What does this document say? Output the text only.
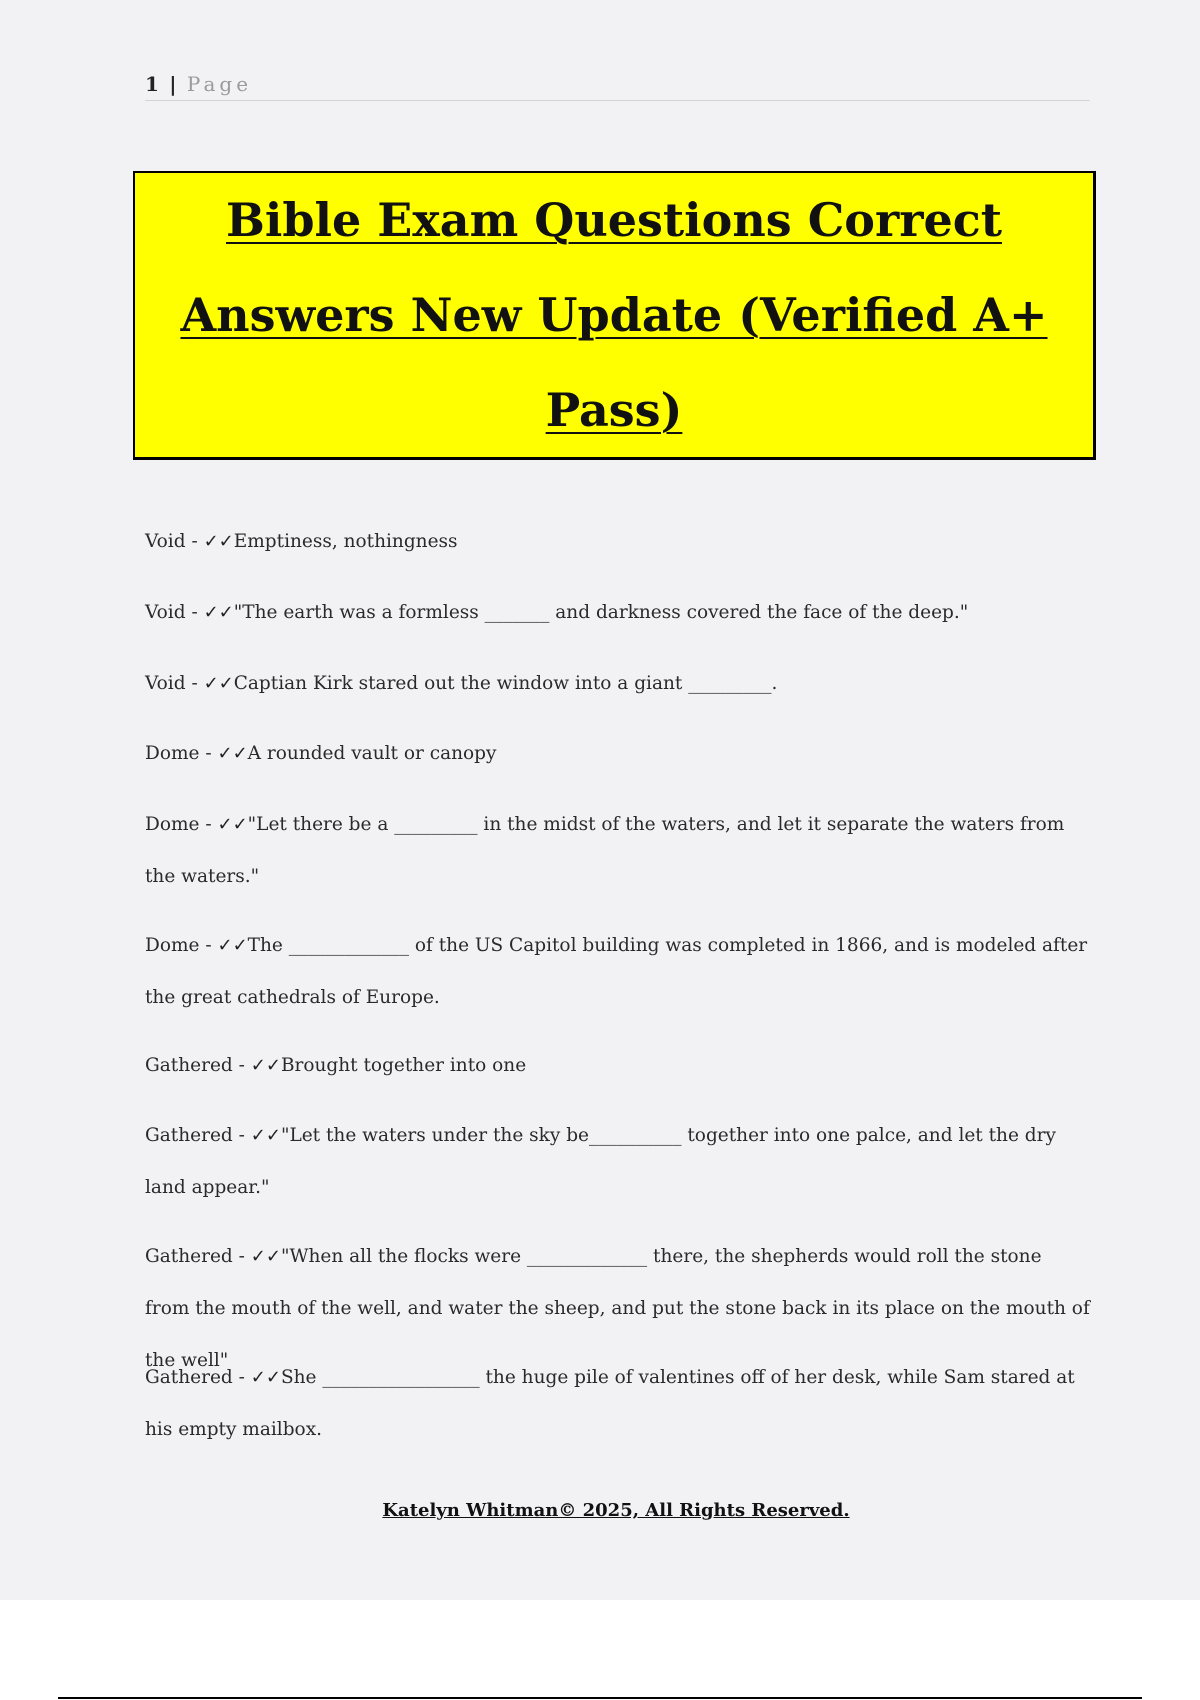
1 | Page
Bible Exam Questions Correct
Answers New Update (Verified A+
Pass)
Void - ✓✓Emptiness, nothingness
Void - ✓✓"The earth was a formless _______ and darkness covered the face of the deep."
Void - ✓✓Captian Kirk stared out the window into a giant _________.
Dome - ✓✓A rounded vault or canopy
Dome - ✓✓"Let there be a _________ in the midst of the waters, and let it separate the waters from the waters."
Dome - ✓✓The _____________ of the US Capitol building was completed in 1866, and is modeled after the great cathedrals of Europe.
Gathered - ✓✓Brought together into one
Gathered - ✓✓"Let the waters under the sky be__________ together into one palce, and let the dry land appear."
Gathered - ✓✓"When all the flocks were _____________ there, the shepherds would roll the stone from the mouth of the well, and water the sheep, and put the stone back in its place on the mouth of the well"
Gathered - ✓✓She _________________ the huge pile of valentines off of her desk, while Sam stared at his empty mailbox.
Katelyn Whitman© 2025, All Rights Reserved.
